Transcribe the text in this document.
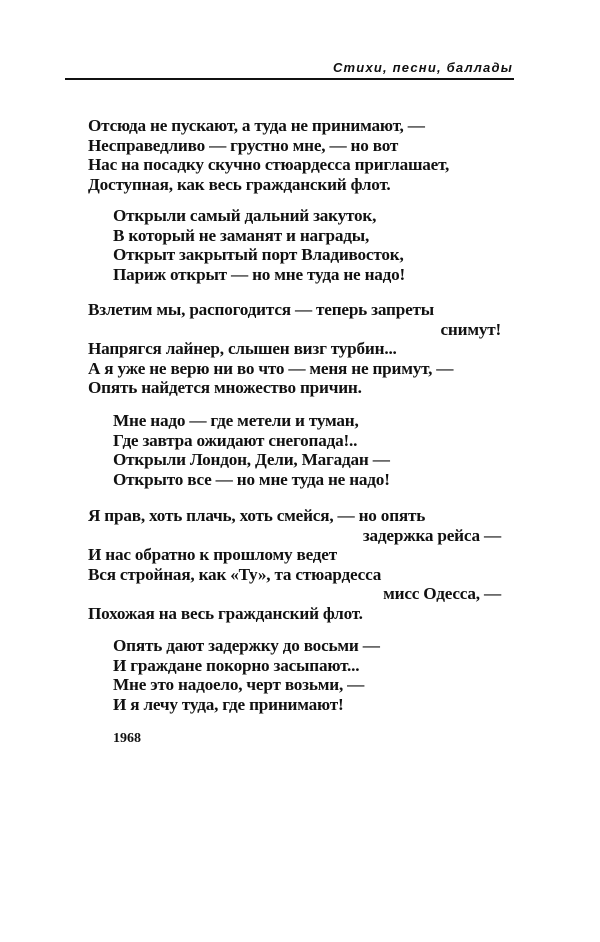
Стихи, песни, баллады
Отсюда не пускают, а туда не принимают, —
Несправедливо — грустно мне, — но вот
Нас на посадку скучно стюардесса приглашает,
Доступная, как весь гражданский флот.
Открыли самый дальний закуток,
В который не заманят и награды,
Открыт закрытый порт Владивосток,
Париж открыт — но мне туда не надо!
Взлетим мы, распогодится — теперь запреты
снимут!
Напрягся лайнер, слышен визг турбин...
А я уже не верю ни во что — меня не примут, —
Опять найдется множество причин.
Мне надо — где метели и туман,
Где завтра ожидают снегопада!..
Открыли Лондон, Дели, Магадан —
Открыто все — но мне туда не надо!
Я прав, хоть плачь, хоть смейся, — но опять
задержка рейса —
И нас обратно к прошлому ведет
Вся стройная, как «Ту», та стюардесса
мисс Одесса, —
Похожая на весь гражданский флот.
Опять дают задержку до восьми —
И граждане покорно засыпают...
Мне это надоело, черт возьми, —
И я лечу туда, где принимают!
1968
